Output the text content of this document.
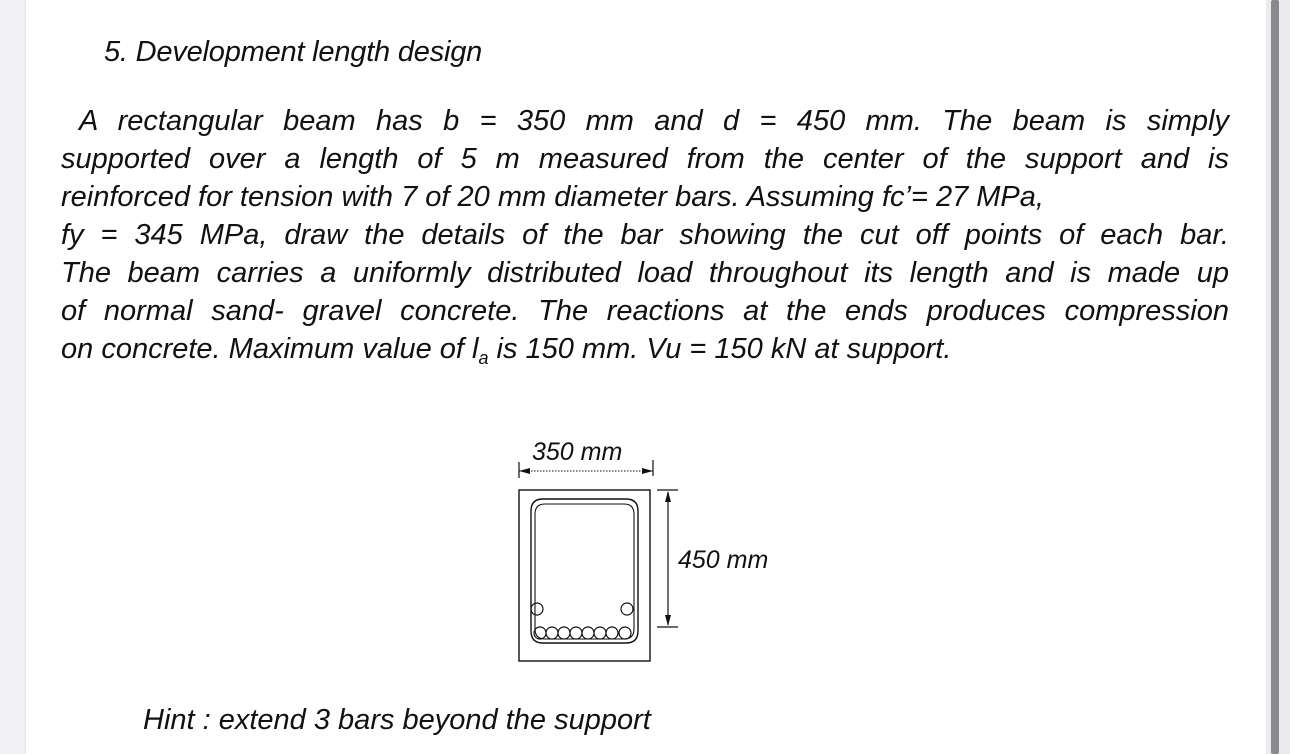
5. Development length design
A rectangular beam has b = 350 mm and d = 450 mm. The beam is simply
supported over a length of 5 m measured from the center of the support and is
reinforced for tension with 7 of 20 mm diameter bars. Assuming fc’= 27 MPa,
fy = 345 MPa, draw the details of the bar showing the cut off points of each bar.
The beam carries a uniformly distributed load throughout its length and is made up
of normal sand- gravel concrete. The reactions at the ends produces compression
on concrete. Maximum value of $l_a$ is 150 mm. Vu = 150 kN at support.
350 mm
450 mm
Hint : extend 3 bars beyond the support
